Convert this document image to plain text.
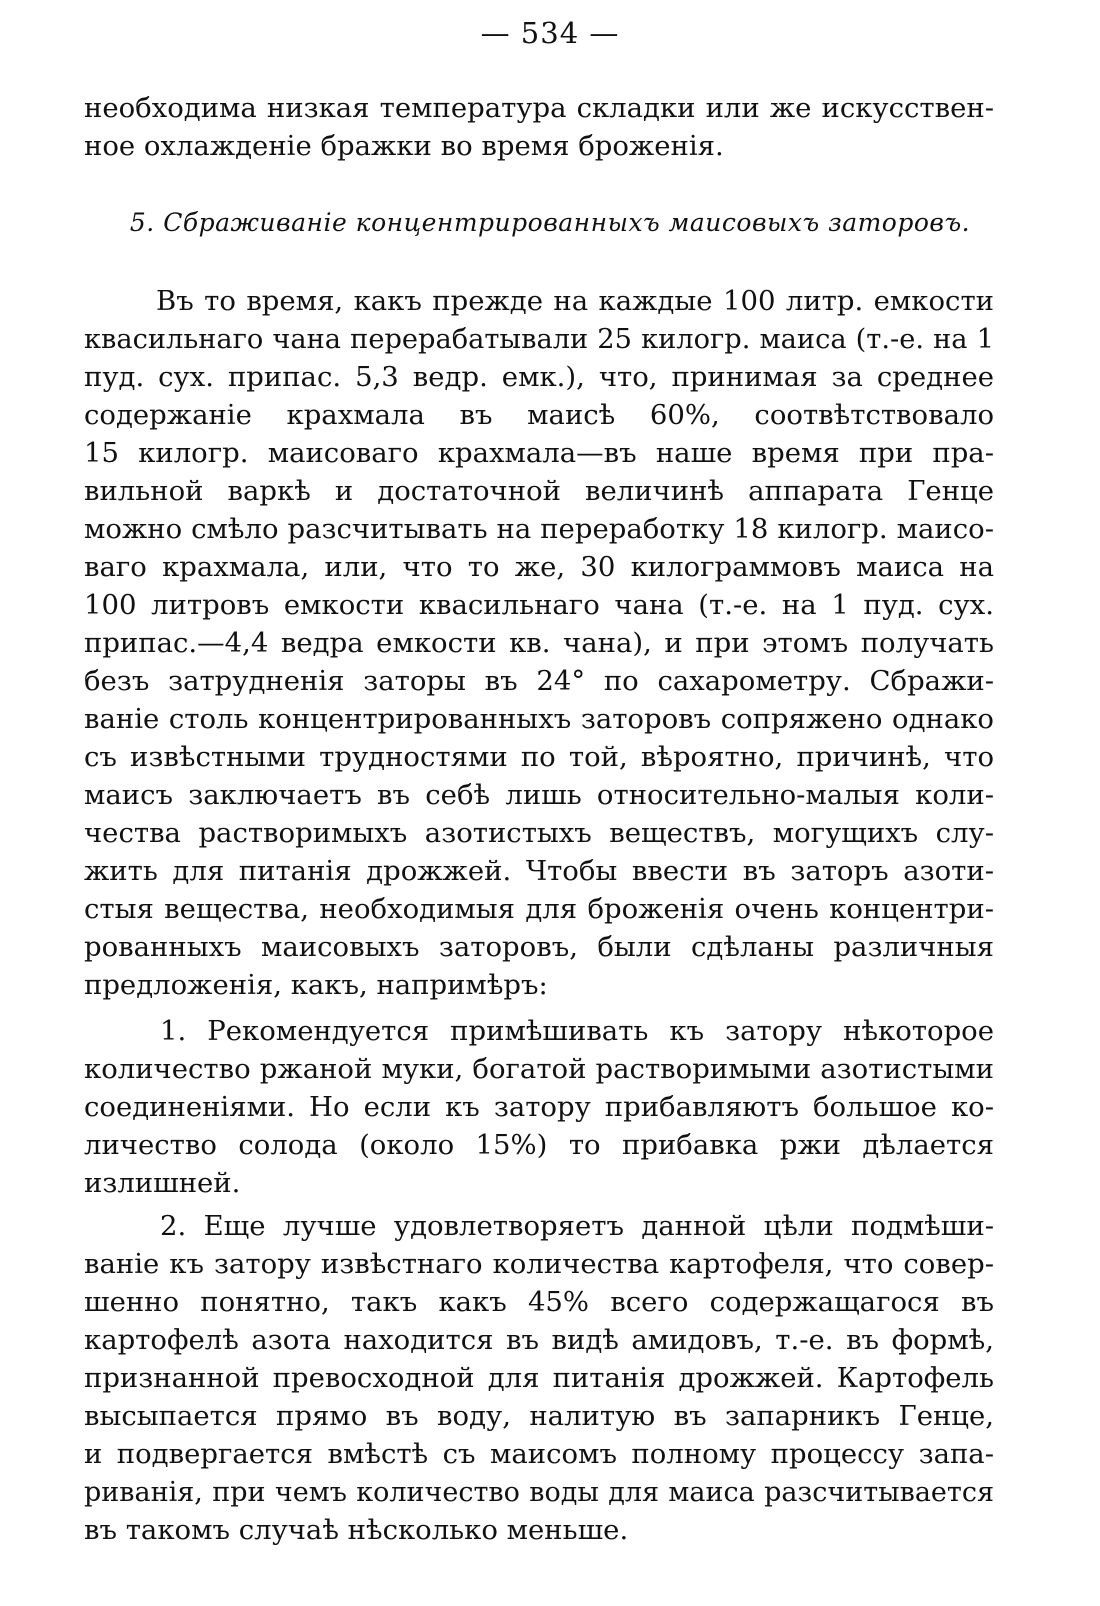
— 534 —
необходима низкая температура складки или же искусствен-
ное охлажденіе бражки во время броженія.
5. Сбраживаніе концентрированныхъ маисовыхъ заторовъ.
Въ то время, какъ прежде на каждые 100 литр. емкости
квасильнаго чана перерабатывали 25 килогр. маиса (т.-е. на 1
пуд. сух. припас. 5,3 ведр. емк.), что, принимая за среднее
содержаніе крахмала въ маисѣ 60%, соотвѣтствовало
15 килогр. маисоваго крахмала—въ наше время при пра-
вильной варкѣ и достаточной величинѣ аппарата Генце
можно смѣло разсчитывать на переработку 18 килогр. маисо-
ваго крахмала, или, что то же, 30 килограммовъ маиса на
100 литровъ емкости квасильнаго чана (т.-е. на 1 пуд. сух.
припас.—4,4 ведра емкости кв. чана), и при этомъ получать
безъ затрудненія заторы въ 24° по сахарометру. Сбражи-
ваніе столь концентрированныхъ заторовъ сопряжено однако
съ извѣстными трудностями по той, вѣроятно, причинѣ, что
маисъ заключаетъ въ себѣ лишь относительно-малыя коли-
чества растворимыхъ азотистыхъ веществъ, могущихъ слу-
жить для питанія дрожжей. Чтобы ввести въ заторъ азоти-
стыя вещества, необходимыя для броженія очень концентри-
рованныхъ маисовыхъ заторовъ, были сдѣланы различныя
предложенія, какъ, напримѣръ:
1. Рекомендуется примѣшивать къ затору нѣкоторое
количество ржаной муки, богатой растворимыми азотистыми
соединеніями. Но если къ затору прибавляютъ большое ко-
личество солода (около 15%) то прибавка ржи дѣлается
излишней.
2. Еще лучше удовлетворяетъ данной цѣли подмѣши-
ваніе къ затору извѣстнаго количества картофеля, что совер-
шенно понятно, такъ какъ 45% всего содержащагося въ
картофелѣ азота находится въ видѣ амидовъ, т.-е. въ формѣ,
признанной превосходной для питанія дрожжей. Картофель
высыпается прямо въ воду, налитую въ запарникъ Генце,
и подвергается вмѣстѣ съ маисомъ полному процессу запа-
риванія, при чемъ количество воды для маиса разсчитывается
въ такомъ случаѣ нѣсколько меньше.
